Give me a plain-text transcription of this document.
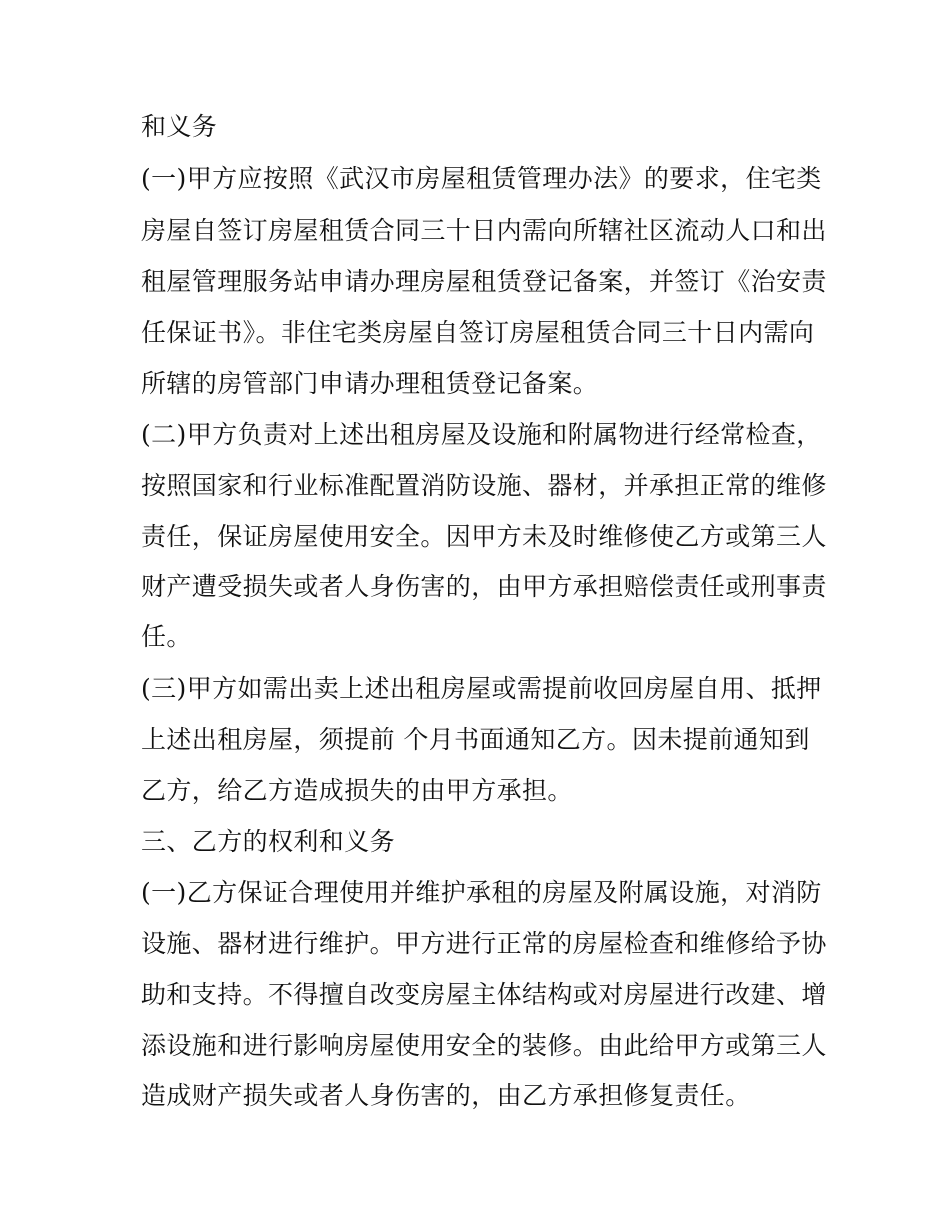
和义务
(一)甲方应按照《武汉市房屋租赁管理办法》的要求，住宅类
房屋自签订房屋租赁合同三十日内需向所辖社区流动人口和出
租屋管理服务站申请办理房屋租赁登记备案，并签订《治安责
任保证书》。非住宅类房屋自签订房屋租赁合同三十日内需向
所辖的房管部门申请办理租赁登记备案。
(二)甲方负责对上述出租房屋及设施和附属物进行经常检查，
按照国家和行业标准配置消防设施、器材，并承担正常的维修
责任，保证房屋使用安全。因甲方未及时维修使乙方或第三人
财产遭受损失或者人身伤害的，由甲方承担赔偿责任或刑事责
任。
(三)甲方如需出卖上述出租房屋或需提前收回房屋自用、抵押
上述出租房屋，须提前 个月书面通知乙方。因未提前通知到
乙方，给乙方造成损失的由甲方承担。
三、乙方的权利和义务
(一)乙方保证合理使用并维护承租的房屋及附属设施，对消防
设施、器材进行维护。甲方进行正常的房屋检查和维修给予协
助和支持。不得擅自改变房屋主体结构或对房屋进行改建、增
添设施和进行影响房屋使用安全的装修。由此给甲方或第三人
造成财产损失或者人身伤害的，由乙方承担修复责任。
